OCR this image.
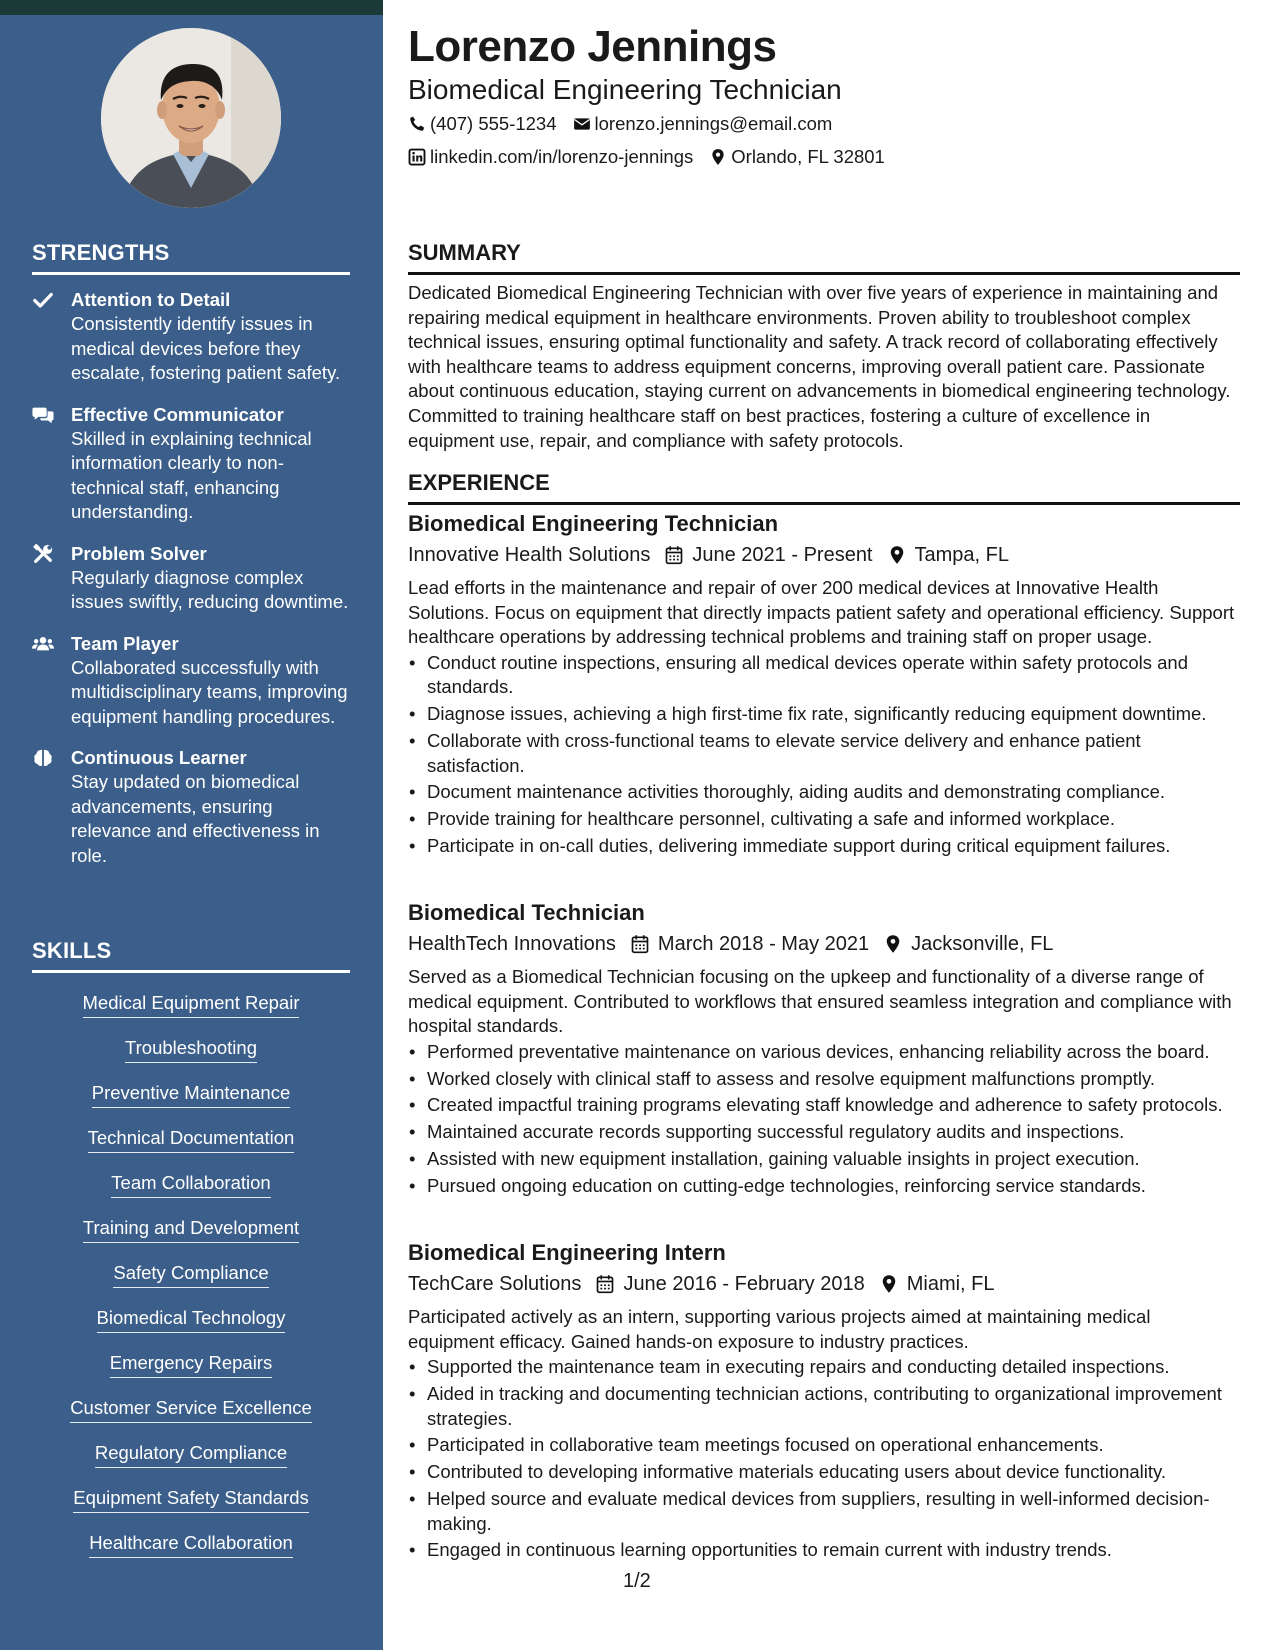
STRENGTHS
Attention to Detail
Consistently identify issues in medical devices before they escalate, fostering patient safety.
Effective Communicator
Skilled in explaining technical information clearly to non-technical staff, enhancing understanding.
Problem Solver
Regularly diagnose complex issues swiftly, reducing downtime.
Team Player
Collaborated successfully with multidisciplinary teams, improving equipment handling procedures.
Continuous Learner
Stay updated on biomedical advancements, ensuring relevance and effectiveness in role.
SKILLS
Medical Equipment Repair
Troubleshooting
Preventive Maintenance
Technical Documentation
Team Collaboration
Training and Development
Safety Compliance
Biomedical Technology
Emergency Repairs
Customer Service Excellence
Regulatory Compliance
Equipment Safety Standards
Healthcare Collaboration
Lorenzo Jennings
Biomedical Engineering Technician
(407) 555-1234 lorenzo.jennings@email.com
linkedin.com/in/lorenzo-jennings Orlando, FL 32801
SUMMARY

Dedicated Biomedical Engineering Technician with over five years of experience in maintaining and repairing medical equipment in healthcare environments. Proven ability to troubleshoot complex technical issues, ensuring optimal functionality and safety. A track record of collaborating effectively with healthcare teams to address equipment concerns, improving overall patient care. Passionate about continuous education, staying current on advancements in biomedical engineering technology. Committed to training healthcare staff on best practices, fostering a culture of excellence in equipment use, repair, and compliance with safety protocols.

EXPERIENCE
Biomedical Engineering Technician
Innovative Health Solutions June 2021 - Present Tampa, FL

Lead efforts in the maintenance and repair of over 200 medical devices at Innovative Health Solutions. Focus on equipment that directly impacts patient safety and operational efficiency. Support healthcare operations by addressing technical problems and training staff on proper usage.

• Conduct routine inspections, ensuring all medical devices operate within safety protocols and standards.
• Diagnose issues, achieving a high first-time fix rate, significantly reducing equipment downtime.
• Collaborate with cross-functional teams to elevate service delivery and enhance patient satisfaction.
• Document maintenance activities thoroughly, aiding audits and demonstrating compliance.
• Provide training for healthcare personnel, cultivating a safe and informed workplace.
• Participate in on-call duties, delivering immediate support during critical equipment failures.
Biomedical Technician
HealthTech Innovations March 2018 - May 2021 Jacksonville, FL

Served as a Biomedical Technician focusing on the upkeep and functionality of a diverse range of medical equipment. Contributed to workflows that ensured seamless integration and compliance with hospital standards.

• Performed preventative maintenance on various devices, enhancing reliability across the board.
• Worked closely with clinical staff to assess and resolve equipment malfunctions promptly.
• Created impactful training programs elevating staff knowledge and adherence to safety protocols.
• Maintained accurate records supporting successful regulatory audits and inspections.
• Assisted with new equipment installation, gaining valuable insights in project execution.
• Pursued ongoing education on cutting-edge technologies, reinforcing service standards.
Biomedical Engineering Intern
TechCare Solutions June 2016 - February 2018 Miami, FL

Participated actively as an intern, supporting various projects aimed at maintaining medical equipment efficacy. Gained hands-on exposure to industry practices.

• Supported the maintenance team in executing repairs and conducting detailed inspections.
• Aided in tracking and documenting technician actions, contributing to organizational improvement strategies.
• Participated in collaborative team meetings focused on operational enhancements.
• Contributed to developing informative materials educating users about device functionality.
• Helped source and evaluate medical devices from suppliers, resulting in well-informed decision-making.
• Engaged in continuous learning opportunities to remain current with industry trends.
1/2
